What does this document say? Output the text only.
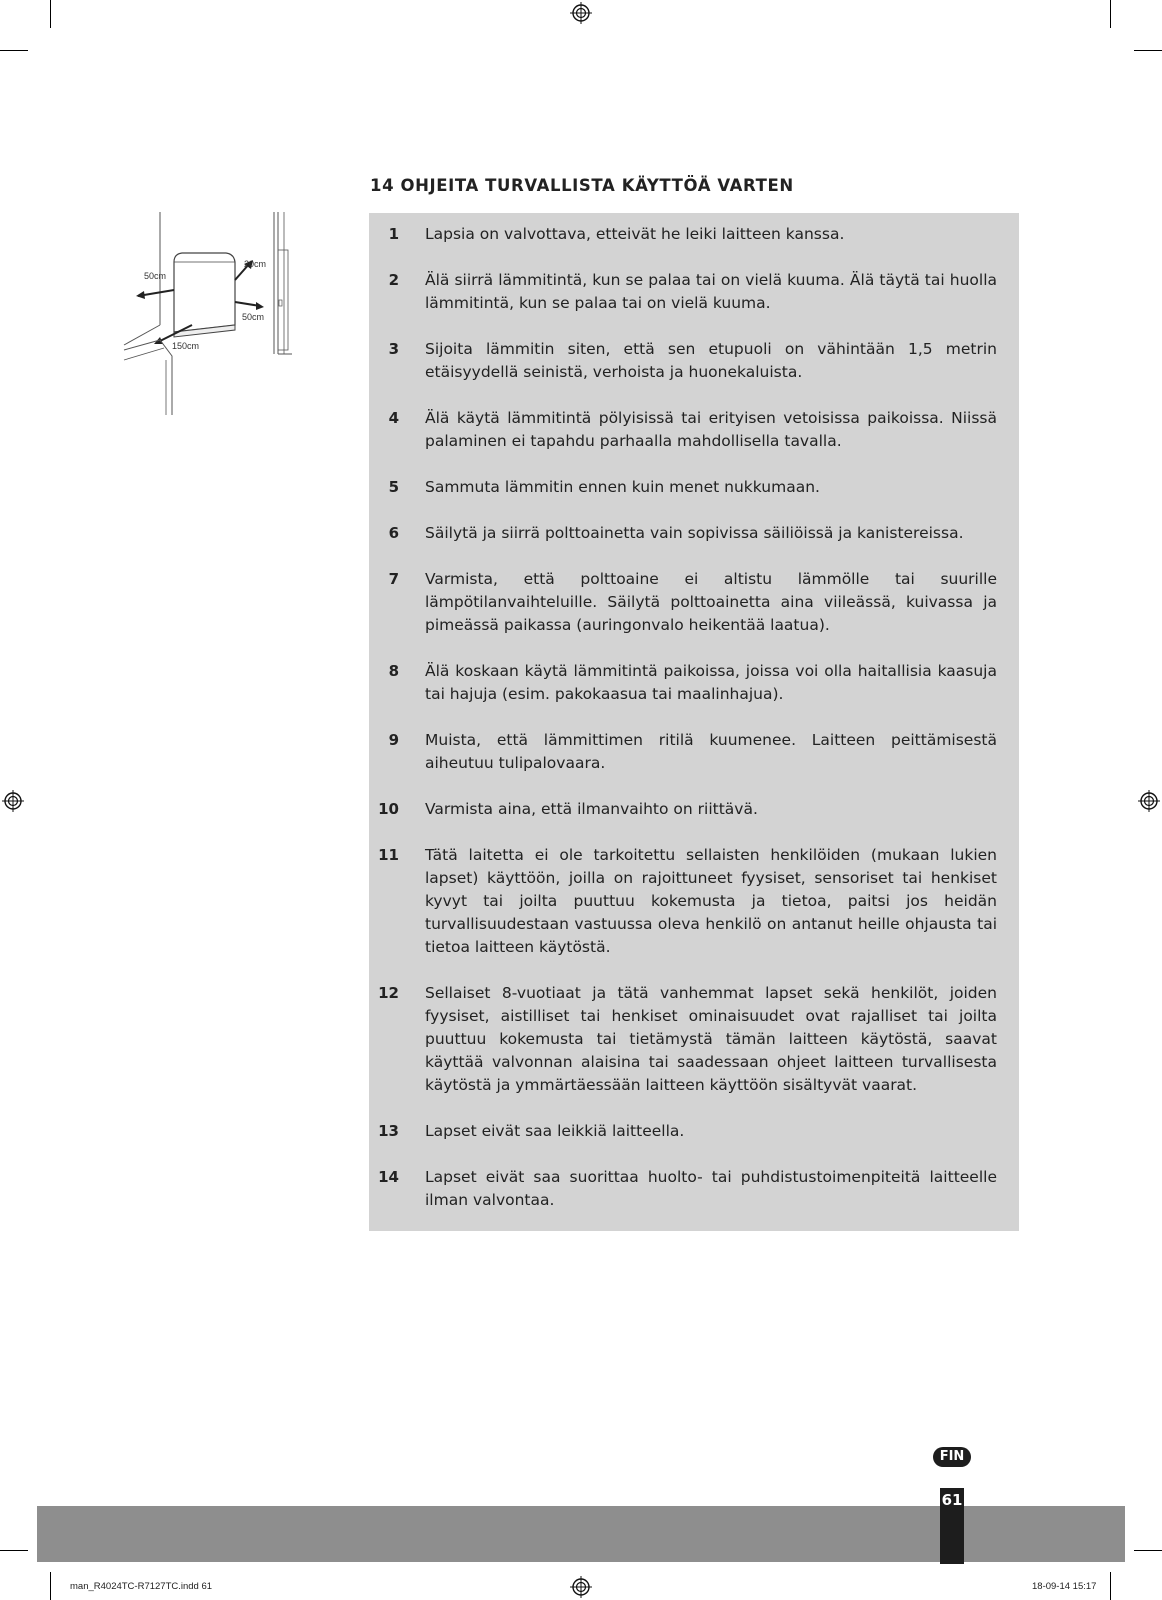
20cm
50cm
50cm
150cm
14 OHJEITA TURVALLISTA KÄYTTÖÄ VARTEN
1 Lapsia on valvottava, etteivät he leiki laitteen kanssa.
2 Älä siirrä lämmitintä, kun se palaa tai on vielä kuuma. Älä täytä tai huolla lämmitintä, kun se palaa tai on vielä kuuma.
3 Sijoita lämmitin siten, että sen etupuoli on vähintään 1,5 metrin etäisyydellä seinistä, verhoista ja huonekaluista.
4 Älä käytä lämmitintä pölyisissä tai erityisen vetoisissa paikoissa. Niissä palaminen ei tapahdu parhaalla mahdollisella tavalla.
5 Sammuta lämmitin ennen kuin menet nukkumaan.
6 Säilytä ja siirrä polttoainetta vain sopivissa säiliöissä ja kanistereissa.
7 Varmista, että polttoaine ei altistu lämmölle tai suurille lämpötilanvaihteluille. Säilytä polttoainetta aina viileässä, kuivassa ja pimeässä paikassa (auringonvalo heikentää laatua).
8 Älä koskaan käytä lämmitintä paikoissa, joissa voi olla haitallisia kaasuja tai hajuja (esim. pakokaasua tai maalinhajua).
9 Muista, että lämmittimen ritilä kuumenee. Laitteen peittämisestä aiheutuu tulipalovaara.
10 Varmista aina, että ilmanvaihto on riittävä.
11 Tätä laitetta ei ole tarkoitettu sellaisten henkilöiden (mukaan lukien lapset) käyttöön, joilla on rajoittuneet fyysiset, sensoriset tai henkiset kyvyt tai joilta puuttuu kokemusta ja tietoa, paitsi jos heidän turvallisuudestaan vastuussa oleva henkilö on antanut heille ohjausta tai tietoa laitteen käytöstä.
12 Sellaiset 8-vuotiaat ja tätä vanhemmat lapset sekä henkilöt, joiden fyysiset, aistilliset tai henkiset ominaisuudet ovat rajalliset tai joilta puuttuu kokemusta tai tietämystä tämän laitteen käytöstä, saavat käyttää valvonnan alaisina tai saadessaan ohjeet laitteen turvallisesta käytöstä ja ymmärtäessään laitteen käyttöön sisältyvät vaarat.
13 Lapset eivät saa leikkiä laitteella.
14 Lapset eivät saa suorittaa huolto- tai puhdistustoimenpiteitä laitteelle ilman valvontaa.
FIN
61
man_R4024TC-R7127TC.indd 61	18-09-14 15:17
